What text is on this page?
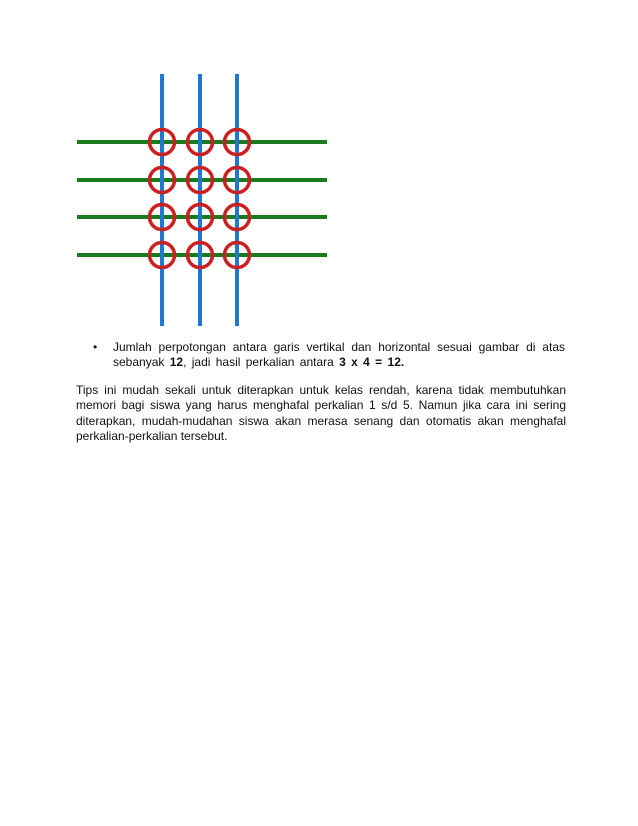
•	Jumlah perpotongan antara garis vertikal dan horizontal sesuai gambar di atas
sebanyak 12, jadi hasil perkalian antara 3 x 4 = 12.
Tips ini mudah sekali untuk diterapkan untuk kelas rendah, karena tidak membutuhkan
memori bagi siswa yang harus menghafal perkalian 1 s/d 5. Namun jika cara ini sering
diterapkan, mudah-mudahan siswa akan merasa senang dan otomatis akan menghafal
perkalian-perkalian tersebut.
